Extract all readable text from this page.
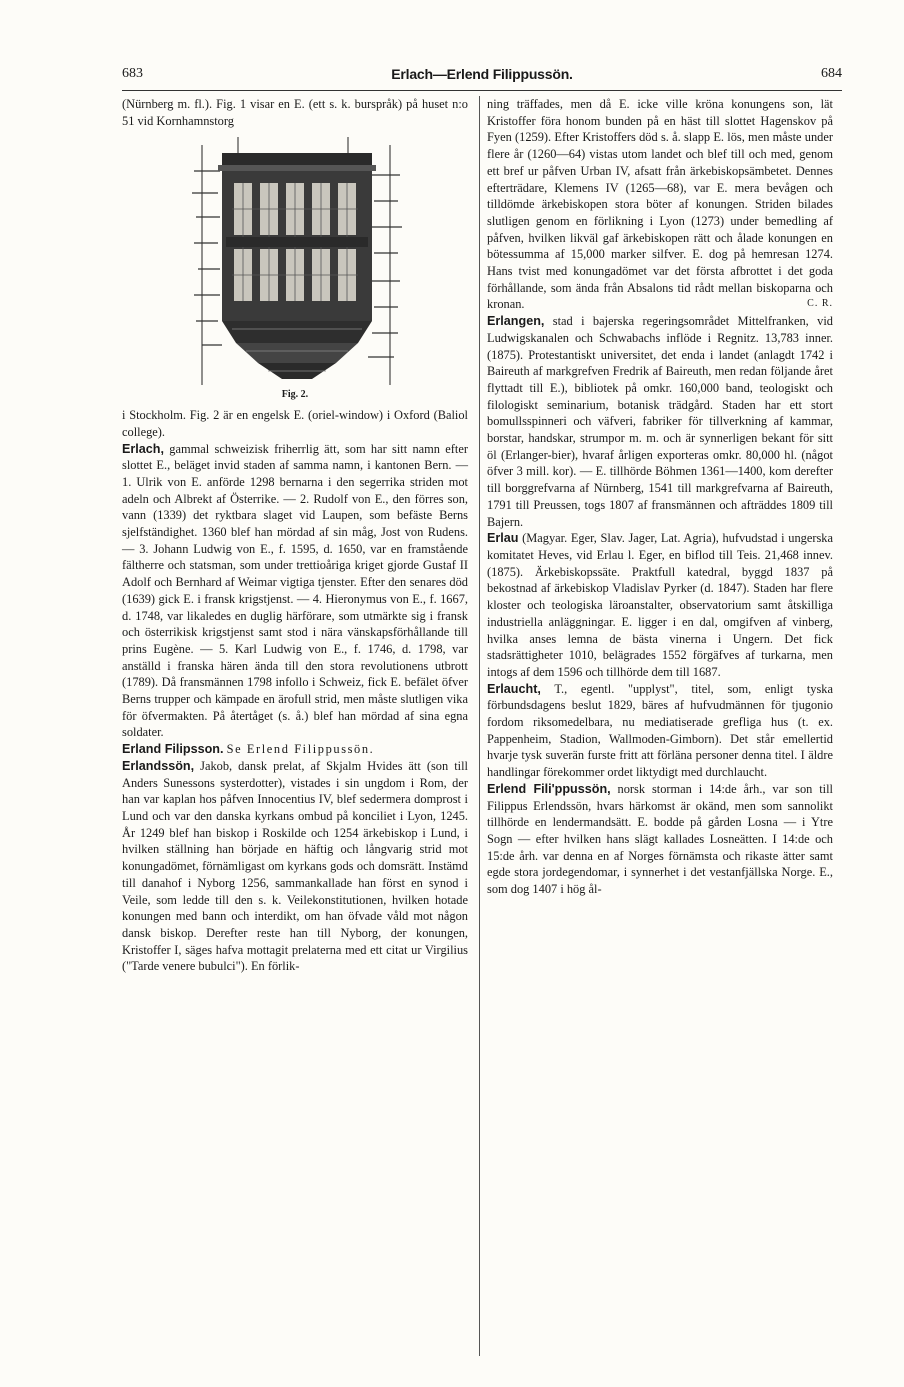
683	Erlach—Erlend Filippussön.	684

(Nürnberg m. fl.). Fig. 1 visar en E. (ett s. k. burspråk) på huset n:o 51 vid Kornhamnstorg

Fig. 2.

i Stockholm. Fig. 2 är en engelsk E. (oriel-window) i Oxford (Baliol college).

Erlach, gammal schweizisk friherrlig ätt, som har sitt namn efter slottet E., beläget invid staden af samma namn, i kantonen Bern. — 1. Ulrik von E. anförde 1298 bernarna i den segerrika striden mot adeln och Albrekt af Österrike. — 2. Rudolf von E., den förres son, vann (1339) det ryktbara slaget vid Laupen, som befäste Berns sjelfständighet. 1360 blef han mördad af sin måg, Jost von Rudens. — 3. Johann Ludwig von E., f. 1595, d. 1650, var en framstående fältherre och statsman, som under trettioåriga kriget gjorde Gustaf II Adolf och Bernhard af Weimar vigtiga tjenster. Efter den senares död (1639) gick E. i fransk krigstjenst. — 4. Hieronymus von E., f. 1667, d. 1748, var likaledes en duglig härförare, som utmärkte sig i fransk och österrikisk krigstjenst samt stod i nära vänskapsförhållande till prins Eugène. — 5. Karl Ludwig von E., f. 1746, d. 1798, var anställd i franska hären ända till den stora revolutionens utbrott (1789). Då fransmännen 1798 infollo i Schweiz, fick E. befälet öfver Berns trupper och kämpade en ärofull strid, men måste slutligen vika för öfvermakten. På återtåget (s. å.) blef han mördad af sina egna soldater.

Erland Filipsson. Se Erlend Filippussön.

Erlandssön, Jakob, dansk prelat, af Skjalm Hvides ätt (son till Anders Sunessons systerdotter), vistades i sin ungdom i Rom, der han var kaplan hos påfven Innocentius IV, blef sedermera domprost i Lund och var den danska kyrkans ombud på konciliet i Lyon, 1245. År 1249 blef han biskop i Roskilde och 1254 ärkebiskop i Lund, i hvilken ställning han började en häftig och långvarig strid mot konungadömet, förnämligast om kyrkans gods och domsrätt. Instämd till danahof i Nyborg 1256, sammankallade han först en synod i Veile, som ledde till den s. k. Veilekonstitutionen, hvilken hotade konungen med bann och interdikt, om han öfvade våld mot någon dansk biskop. Derefter reste han till Nyborg, der konungen, Kristoffer I, säges hafva mottagit prelaterna med ett citat ur Virgilius ("Tarde venere bubulci"). En förlik-

ning träffades, men då E. icke ville kröna konungens son, lät Kristoffer föra honom bunden på en häst till slottet Hagenskov på Fyen (1259). Efter Kristoffers död s. å. slapp E. lös, men måste under flere år (1260—64) vistas utom landet och blef till och med, genom ett bref ur påfven Urban IV, afsatt från ärkebiskopsämbetet. Dennes efterträdare, Klemens IV (1265—68), var E. mera bevågen och tilldömde ärkebiskopen stora böter af konungen. Striden bilades slutligen genom en förlikning i Lyon (1273) under bemedling af påfven, hvilken likväl gaf ärkebiskopen rätt och ålade konungen en bötessumma af 15,000 marker silfver. E. dog på hemresan 1274. Hans tvist med konungadömet var det första afbrottet i det goda förhållande, som ända från Absalons tid rådt mellan biskoparna och kronan.	C. R.

Erlangen, stad i bajerska regeringsområdet Mittelfranken, vid Ludwigskanalen och Schwabachs inflöde i Regnitz. 13,783 inner. (1875). Protestantiskt universitet, det enda i landet (anlagdt 1742 i Baireuth af markgrefven Fredrik af Baireuth, men redan följande året flyttadt till E.), bibliotek på omkr. 160,000 band, teologiskt och filologiskt seminarium, botanisk trädgård. Staden har ett stort bomullsspinneri och väfveri, fabriker för tillverkning af kammar, borstar, handskar, strumpor m. m. och är synnerligen bekant för sitt öl (Erlanger-bier), hvaraf årligen exporteras omkr. 80,000 hl. (något öfver 3 mill. kor). — E. tillhörde Böhmen 1361—1400, kom derefter till borggrefvarna af Nürnberg, 1541 till markgrefvarna af Baireuth, 1791 till Preussen, togs 1807 af fransmännen och afträddes 1809 till Bajern.

Erlau (Magyar. Eger, Slav. Jager, Lat. Agria), hufvudstad i ungerska komitatet Heves, vid Erlau l. Eger, en biflod till Teis. 21,468 innev. (1875). Ärkebiskopssäte. Praktfull katedral, byggd 1837 på bekostnad af ärkebiskop Vladislav Pyrker (d. 1847). Staden har flere kloster och teologiska läroanstalter, observatorium samt åtskilliga industriella anläggningar. E. ligger i en dal, omgifven af vinberg, hvilka anses lemna de bästa vinerna i Ungern. Det fick stadsrättigheter 1010, belägrades 1552 förgäfves af turkarna, men intogs af dem 1596 och tillhörde dem till 1687.

Erlaucht, T., egentl. "upplyst", titel, som, enligt tyska förbundsdagens beslut 1829, bäres af hufvudmännen för tjugonio fordom riksomedelbara, nu mediatiserade grefliga hus (t. ex. Pappenheim, Stadion, Wallmoden-Gimborn). Det står emellertid hvarje tysk suverän furste fritt att förläna personer denna titel. I äldre handlingar förekommer ordet liktydigt med durchlaucht.

Erlend Fili'ppussön, norsk storman i 14:de årh., var son till Filippus Erlendssön, hvars härkomst är okänd, men som sannolikt tillhörde en lendermandsätt. E. bodde på gården Losna — i Ytre Sogn — efter hvilken hans slägt kallades Losneätten. I 14:de och 15:de årh. var denna en af Norges förnämsta och rikaste ätter samt egde stora jordegendomar, i synnerhet i det vestanfjällska Norge. E., som dog 1407 i hög ål-
